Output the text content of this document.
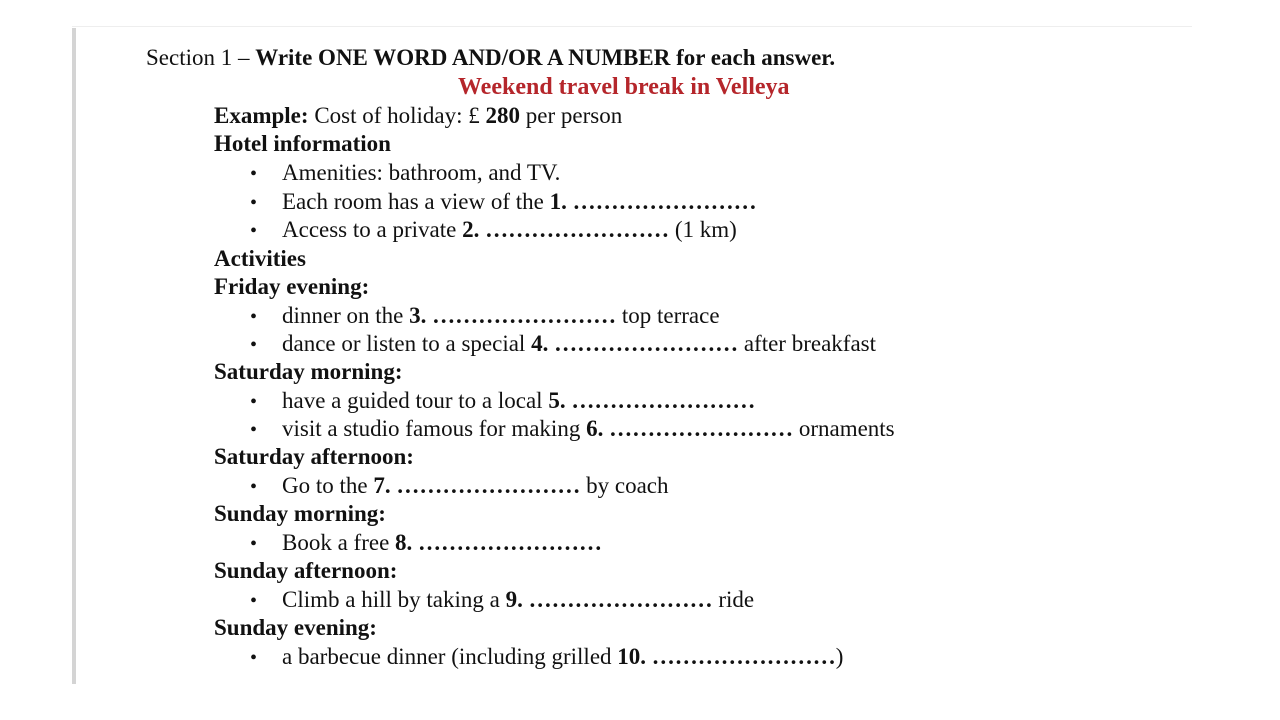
Section 1 – Write ONE WORD AND/OR A NUMBER for each answer.
Weekend travel break in Velleya
Example: Cost of holiday: £ 280 per person
Hotel information
• Amenities: bathroom, and TV.
• Each room has a view of the 1. ……………………
• Access to a private 2. …………………… (1 km)
Activities
Friday evening:
• dinner on the 3. …………………… top terrace
• dance or listen to a special 4. …………………… after breakfast
Saturday morning:
• have a guided tour to a local 5. ……………………
• visit a studio famous for making 6. …………………… ornaments
Saturday afternoon:
• Go to the 7. …………………… by coach
Sunday morning:
• Book a free 8. ……………………
Sunday afternoon:
• Climb a hill by taking a 9. …………………… ride
Sunday evening:
• a barbecue dinner (including grilled 10. ……………………)
